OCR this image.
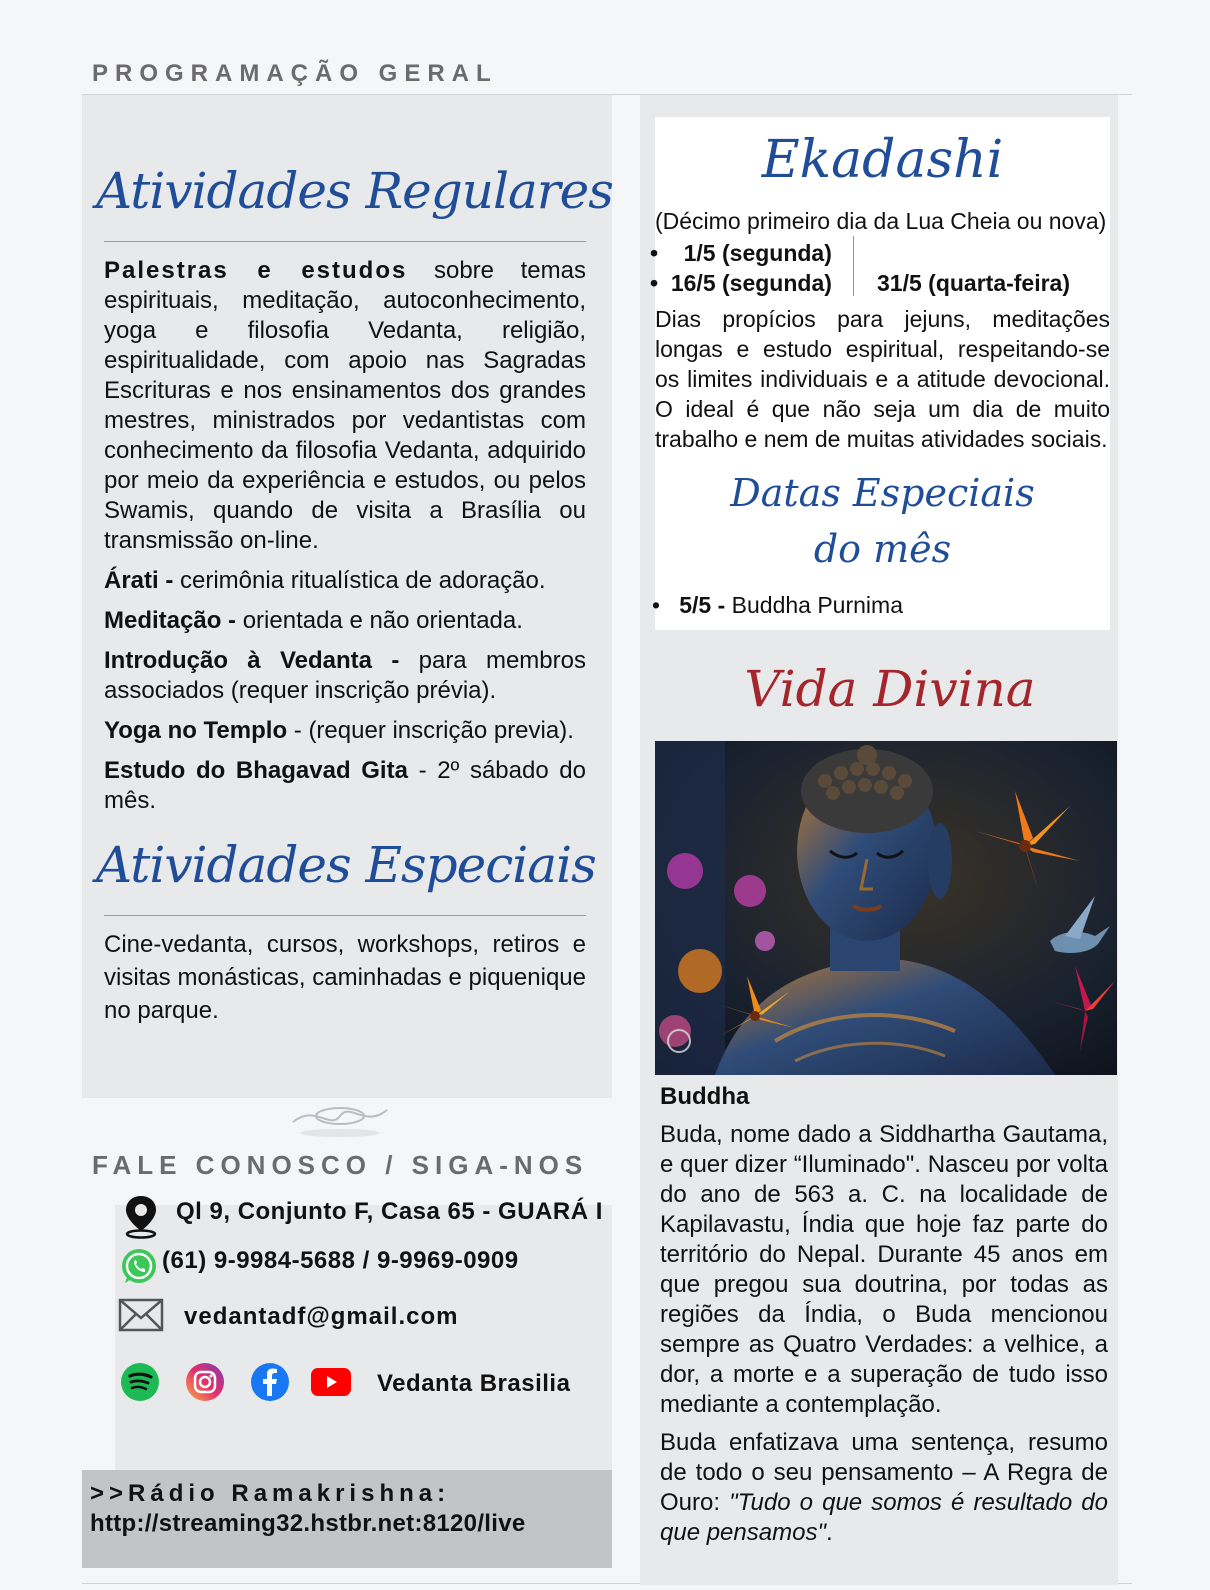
PROGRAMAÇÃO GERAL
Atividades Regulares

Palestras e estudos sobre temas espirituais, meditação, autoconhecimento, yoga e filosofia Vedanta, religião, espiritualidade, com apoio nas Sagradas Escrituras e nos ensinamentos dos grandes mestres, ministrados por vedantistas com conhecimento da filosofia Vedanta, adquirido por meio da experiência e estudos, ou pelos Swamis, quando de visita a Brasília ou transmissão on-line.

Árati - cerimônia ritualística de adoração.

Meditação - orientada e não orientada.

Introdução à Vedanta - para membros associados (requer inscrição prévia).

Yoga no Templo - (requer inscrição previa).

Estudo do Bhagavad Gita - 2º sábado do mês.

Atividades Especiais
Cine-vedanta, cursos, workshops, retiros e visitas monásticas, caminhadas e piquenique no parque.
FALE CONOSCO / SIGA-NOS
Ql 9, Conjunto F, Casa 65 - GUARÁ I
(61) 9-9984-5688 / 9-9969-0909
vedantadf@gmail.com
Vedanta Brasilia
>>Rádio Ramakrishna:
http://streaming32.hstbr.net:8120/live
Ekadashi
(Décimo primeiro dia da Lua Cheia ou nova)
•    1/5 (segunda)
•  16/5 (segunda) 31/5 (quarta-feira)
Dias propícios para jejuns, meditações longas e estudo espiritual, respeitando-se os limites individuais e a atitude devocional. O ideal é que não seja um dia de muito trabalho e nem de muitas atividades sociais.
Datas Especiais
do mês
•   5/5 - Buddha Purnima
Vida Divina
Buddha

Buda, nome dado a Siddhartha Gautama, e quer dizer “Iluminado". Nasceu por volta do ano de 563 a. C. na localidade de Kapilavastu, Índia que hoje faz parte do território do Nepal. Durante 45 anos em que pregou sua doutrina, por todas as regiões da Índia, o Buda mencionou sempre as Quatro Verdades: a velhice, a dor, a morte e a superação de tudo isso mediante a contemplação.

Buda enfatizava uma sentença, resumo de todo o seu pensamento – A Regra de Ouro: "Tudo o que somos é resultado do que pensamos".
